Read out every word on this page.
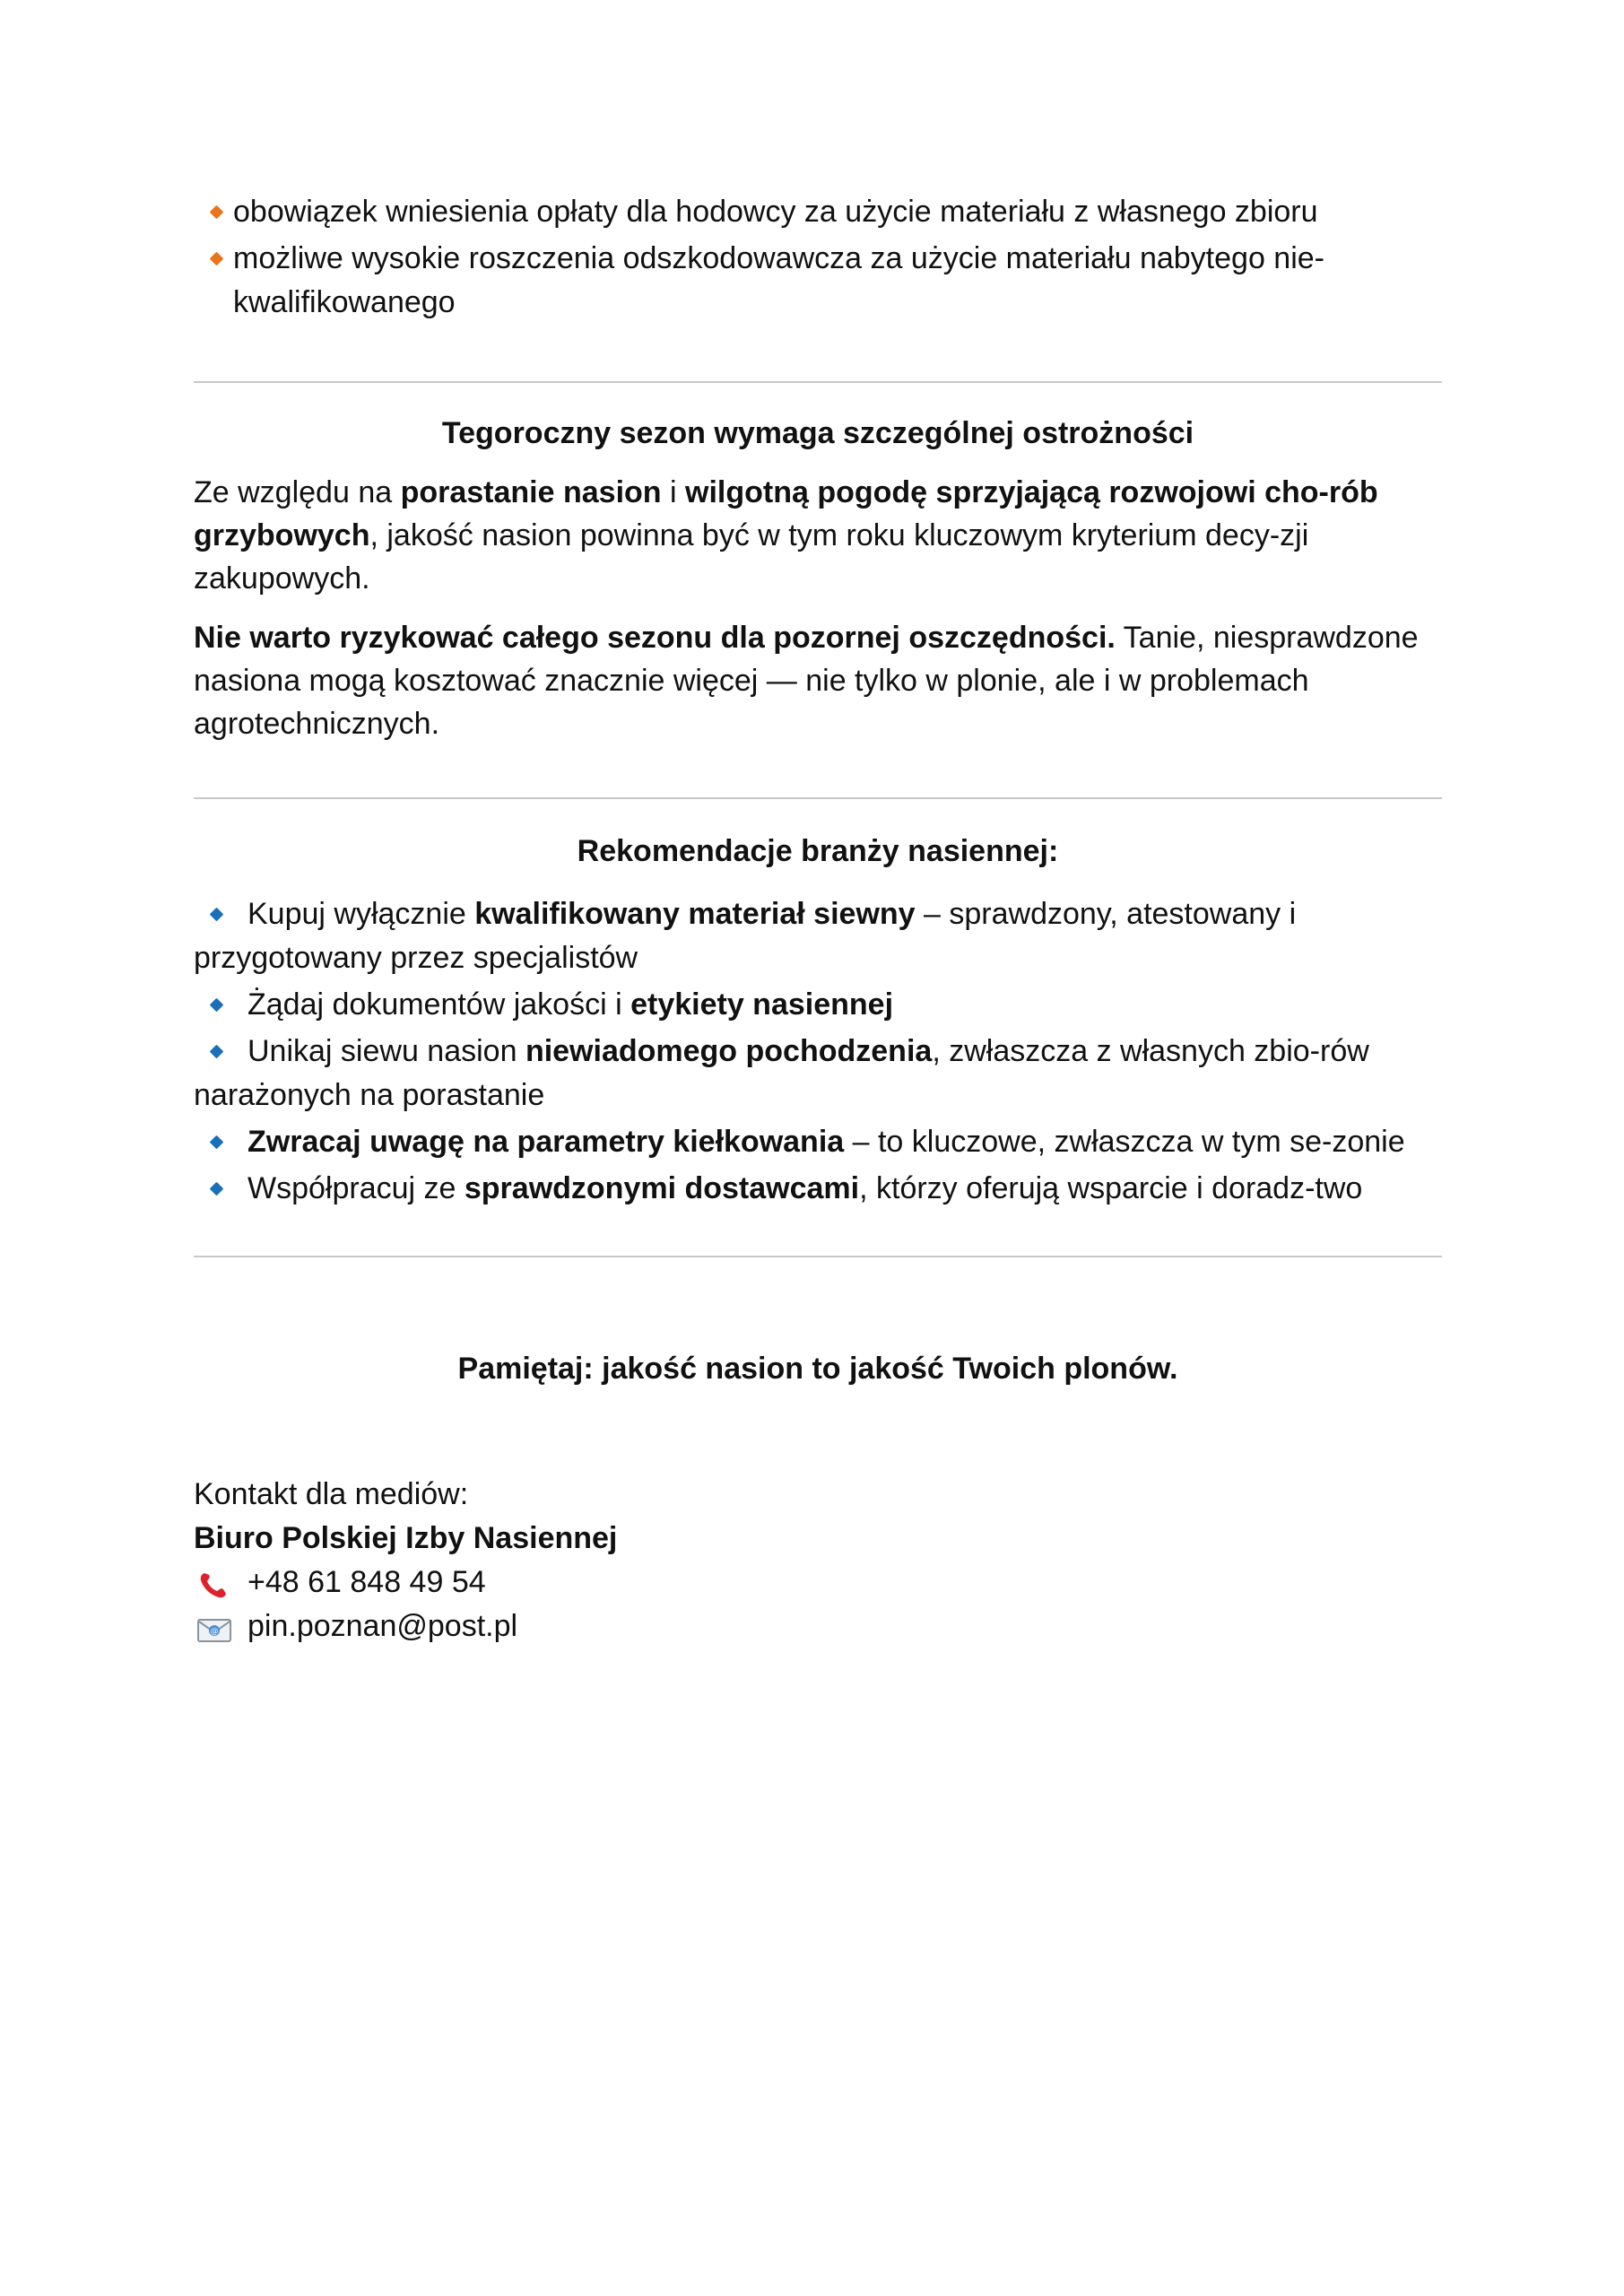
obowiązek wniesienia opłaty dla hodowcy za użycie materiału z własnego zbioru
możliwe wysokie roszczenia odszkodowawcza za użycie materiału nabytego nie-
kwalifikowanego
Tegoroczny sezon wymaga szczególnej ostrożności

Ze względu na porastanie nasion i wilgotną pogodę sprzyjającą rozwojowi cho-rób grzybowych, jakość nasion powinna być w tym roku kluczowym kryterium decy-zji zakupowych.

Nie warto ryzykować całego sezonu dla pozornej oszczędności. Tanie, niesprawdzone nasiona mogą kosztować znacznie więcej — nie tylko w plonie, ale i w problemach agrotechnicznych.

Rekomendacje branży nasiennej:
Kupuj wyłącznie kwalifikowany materiał siewny – sprawdzony, atestowany i przygotowany przez specjalistów
Żądaj dokumentów jakości i etykiety nasiennej
Unikaj siewu nasion niewiadomego pochodzenia, zwłaszcza z własnych zbio-rów narażonych na porastanie
Zwracaj uwagę na parametry kiełkowania – to kluczowe, zwłaszcza w tym se-zonie
Współpracuj ze sprawdzonymi dostawcami, którzy oferują wsparcie i doradz-two

Pamiętaj: jakość nasion to jakość Twoich plonów.

Kontakt dla mediów:
Biuro Polskiej Izby Nasiennej
+48 61 848 49 54
@ pin.poznan@post.pl
